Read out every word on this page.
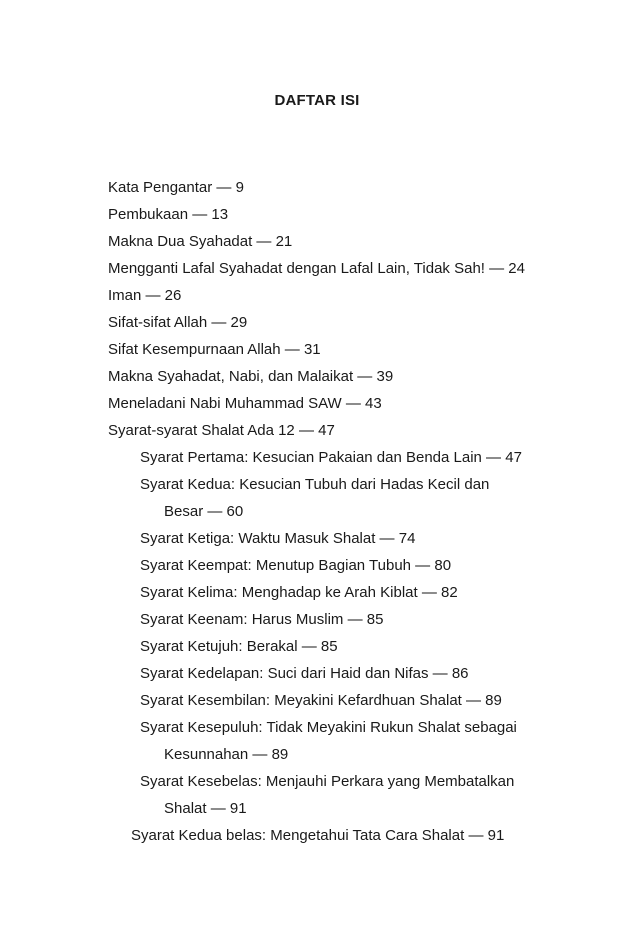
DAFTAR ISI
Kata Pengantar — 9
Pembukaan — 13
Makna Dua Syahadat — 21
Mengganti Lafal Syahadat dengan Lafal Lain, Tidak Sah! — 24
Iman — 26
Sifat-sifat Allah — 29
Sifat Kesempurnaan Allah — 31
Makna Syahadat, Nabi, dan Malaikat — 39
Meneladani Nabi Muhammad SAW — 43
Syarat-syarat Shalat Ada 12 — 47
Syarat Pertama: Kesucian Pakaian dan Benda Lain — 47
Syarat Kedua: Kesucian Tubuh dari Hadas Kecil dan
Besar — 60
Syarat Ketiga: Waktu Masuk Shalat — 74
Syarat Keempat: Menutup Bagian Tubuh — 80
Syarat Kelima: Menghadap ke Arah Kiblat — 82
Syarat Keenam: Harus Muslim — 85
Syarat Ketujuh: Berakal — 85
Syarat Kedelapan: Suci dari Haid dan Nifas — 86
Syarat Kesembilan: Meyakini Kefardhuan Shalat — 89
Syarat Kesepuluh: Tidak Meyakini Rukun Shalat sebagai
Kesunnahan — 89
Syarat Kesebelas: Menjauhi Perkara yang Membatalkan
Shalat — 91
Syarat Kedua belas: Mengetahui Tata Cara Shalat — 91
